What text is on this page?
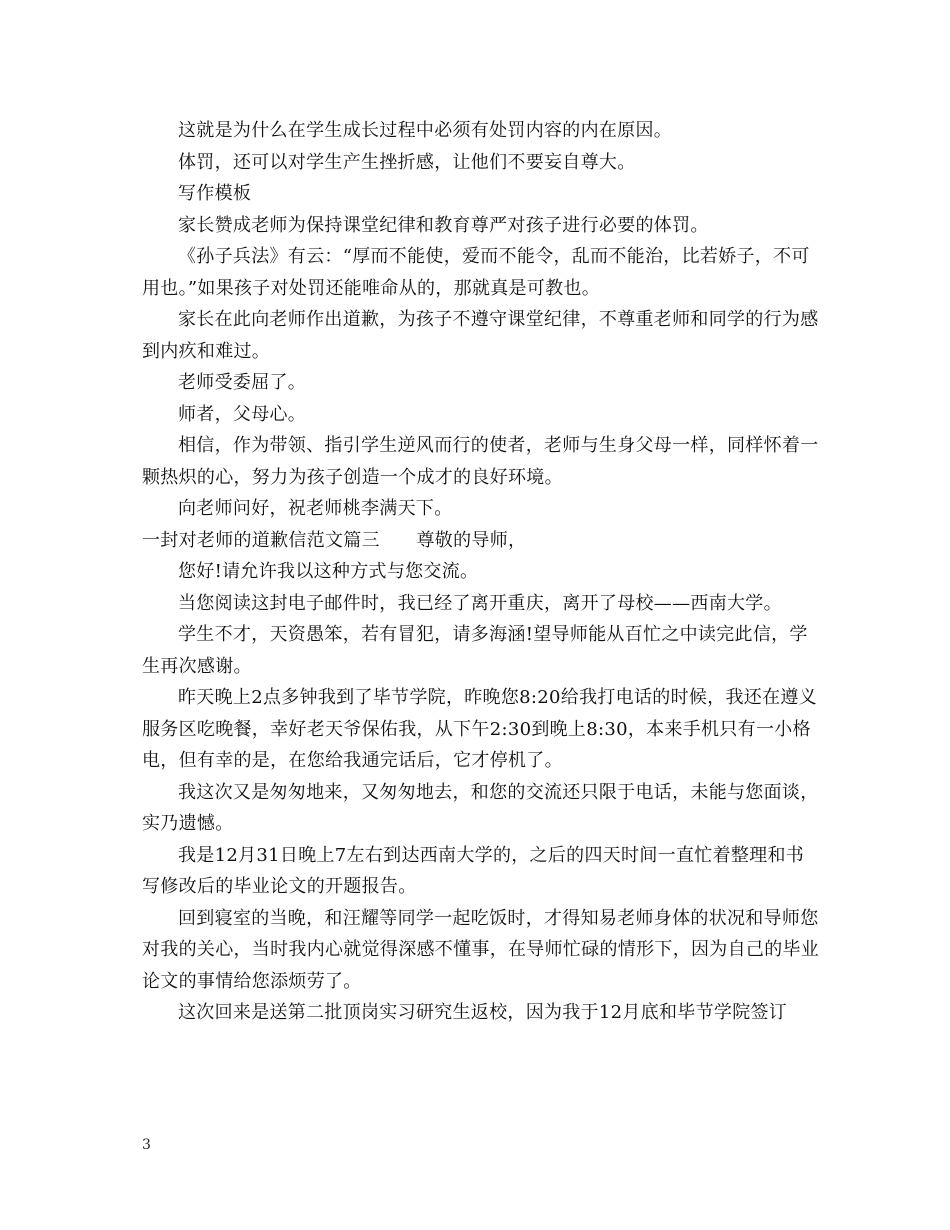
这就是为什么在学生成长过程中必须有处罚内容的内在原因。

体罚，还可以对学生产生挫折感，让他们不要妄自尊大。

写作模板

家长赞成老师为保持课堂纪律和教育尊严对孩子进行必要的体罚。

《孙子兵法》有云：“厚而不能使，爱而不能令，乱而不能治，比若娇子，不可用也。”如果孩子对处罚还能唯命从的，那就真是可教也。

家长在此向老师作出道歉，为孩子不遵守课堂纪律，不尊重老师和同学的行为感到内疚和难过。

老师受委屈了。

师者，父母心。

相信，作为带领、指引学生逆风而行的使者，老师与生身父母一样，同样怀着一颗热炽的心，努力为孩子创造一个成才的良好环境。

向老师问好，祝老师桃李满天下。

一封对老师的道歉信范文篇三　　尊敬的导师，

您好!请允许我以这种方式与您交流。

当您阅读这封电子邮件时，我已经了离开重庆，离开了母校——西南大学。

学生不才，天资愚笨，若有冒犯，请多海涵!望导师能从百忙之中读完此信，学生再次感谢。

昨天晚上2点多钟我到了毕节学院，昨晚您8:20给我打电话的时候，我还在遵义服务区吃晚餐，幸好老天爷保佑我，从下午2:30到晚上8:30，本来手机只有一小格电，但有幸的是，在您给我通完话后，它才停机了。

我这次又是匆匆地来，又匆匆地去，和您的交流还只限于电话，未能与您面谈，实乃遗憾。

我是12月31日晚上7左右到达西南大学的，之后的四天时间一直忙着整理和书写修改后的毕业论文的开题报告。

回到寝室的当晚，和汪耀等同学一起吃饭时，才得知易老师身体的状况和导师您对我的关心，当时我内心就觉得深感不懂事，在导师忙碌的情形下，因为自己的毕业论文的事情给您添烦劳了。

这次回来是送第二批顶岗实习研究生返校，因为我于12月底和毕节学院签订

3
